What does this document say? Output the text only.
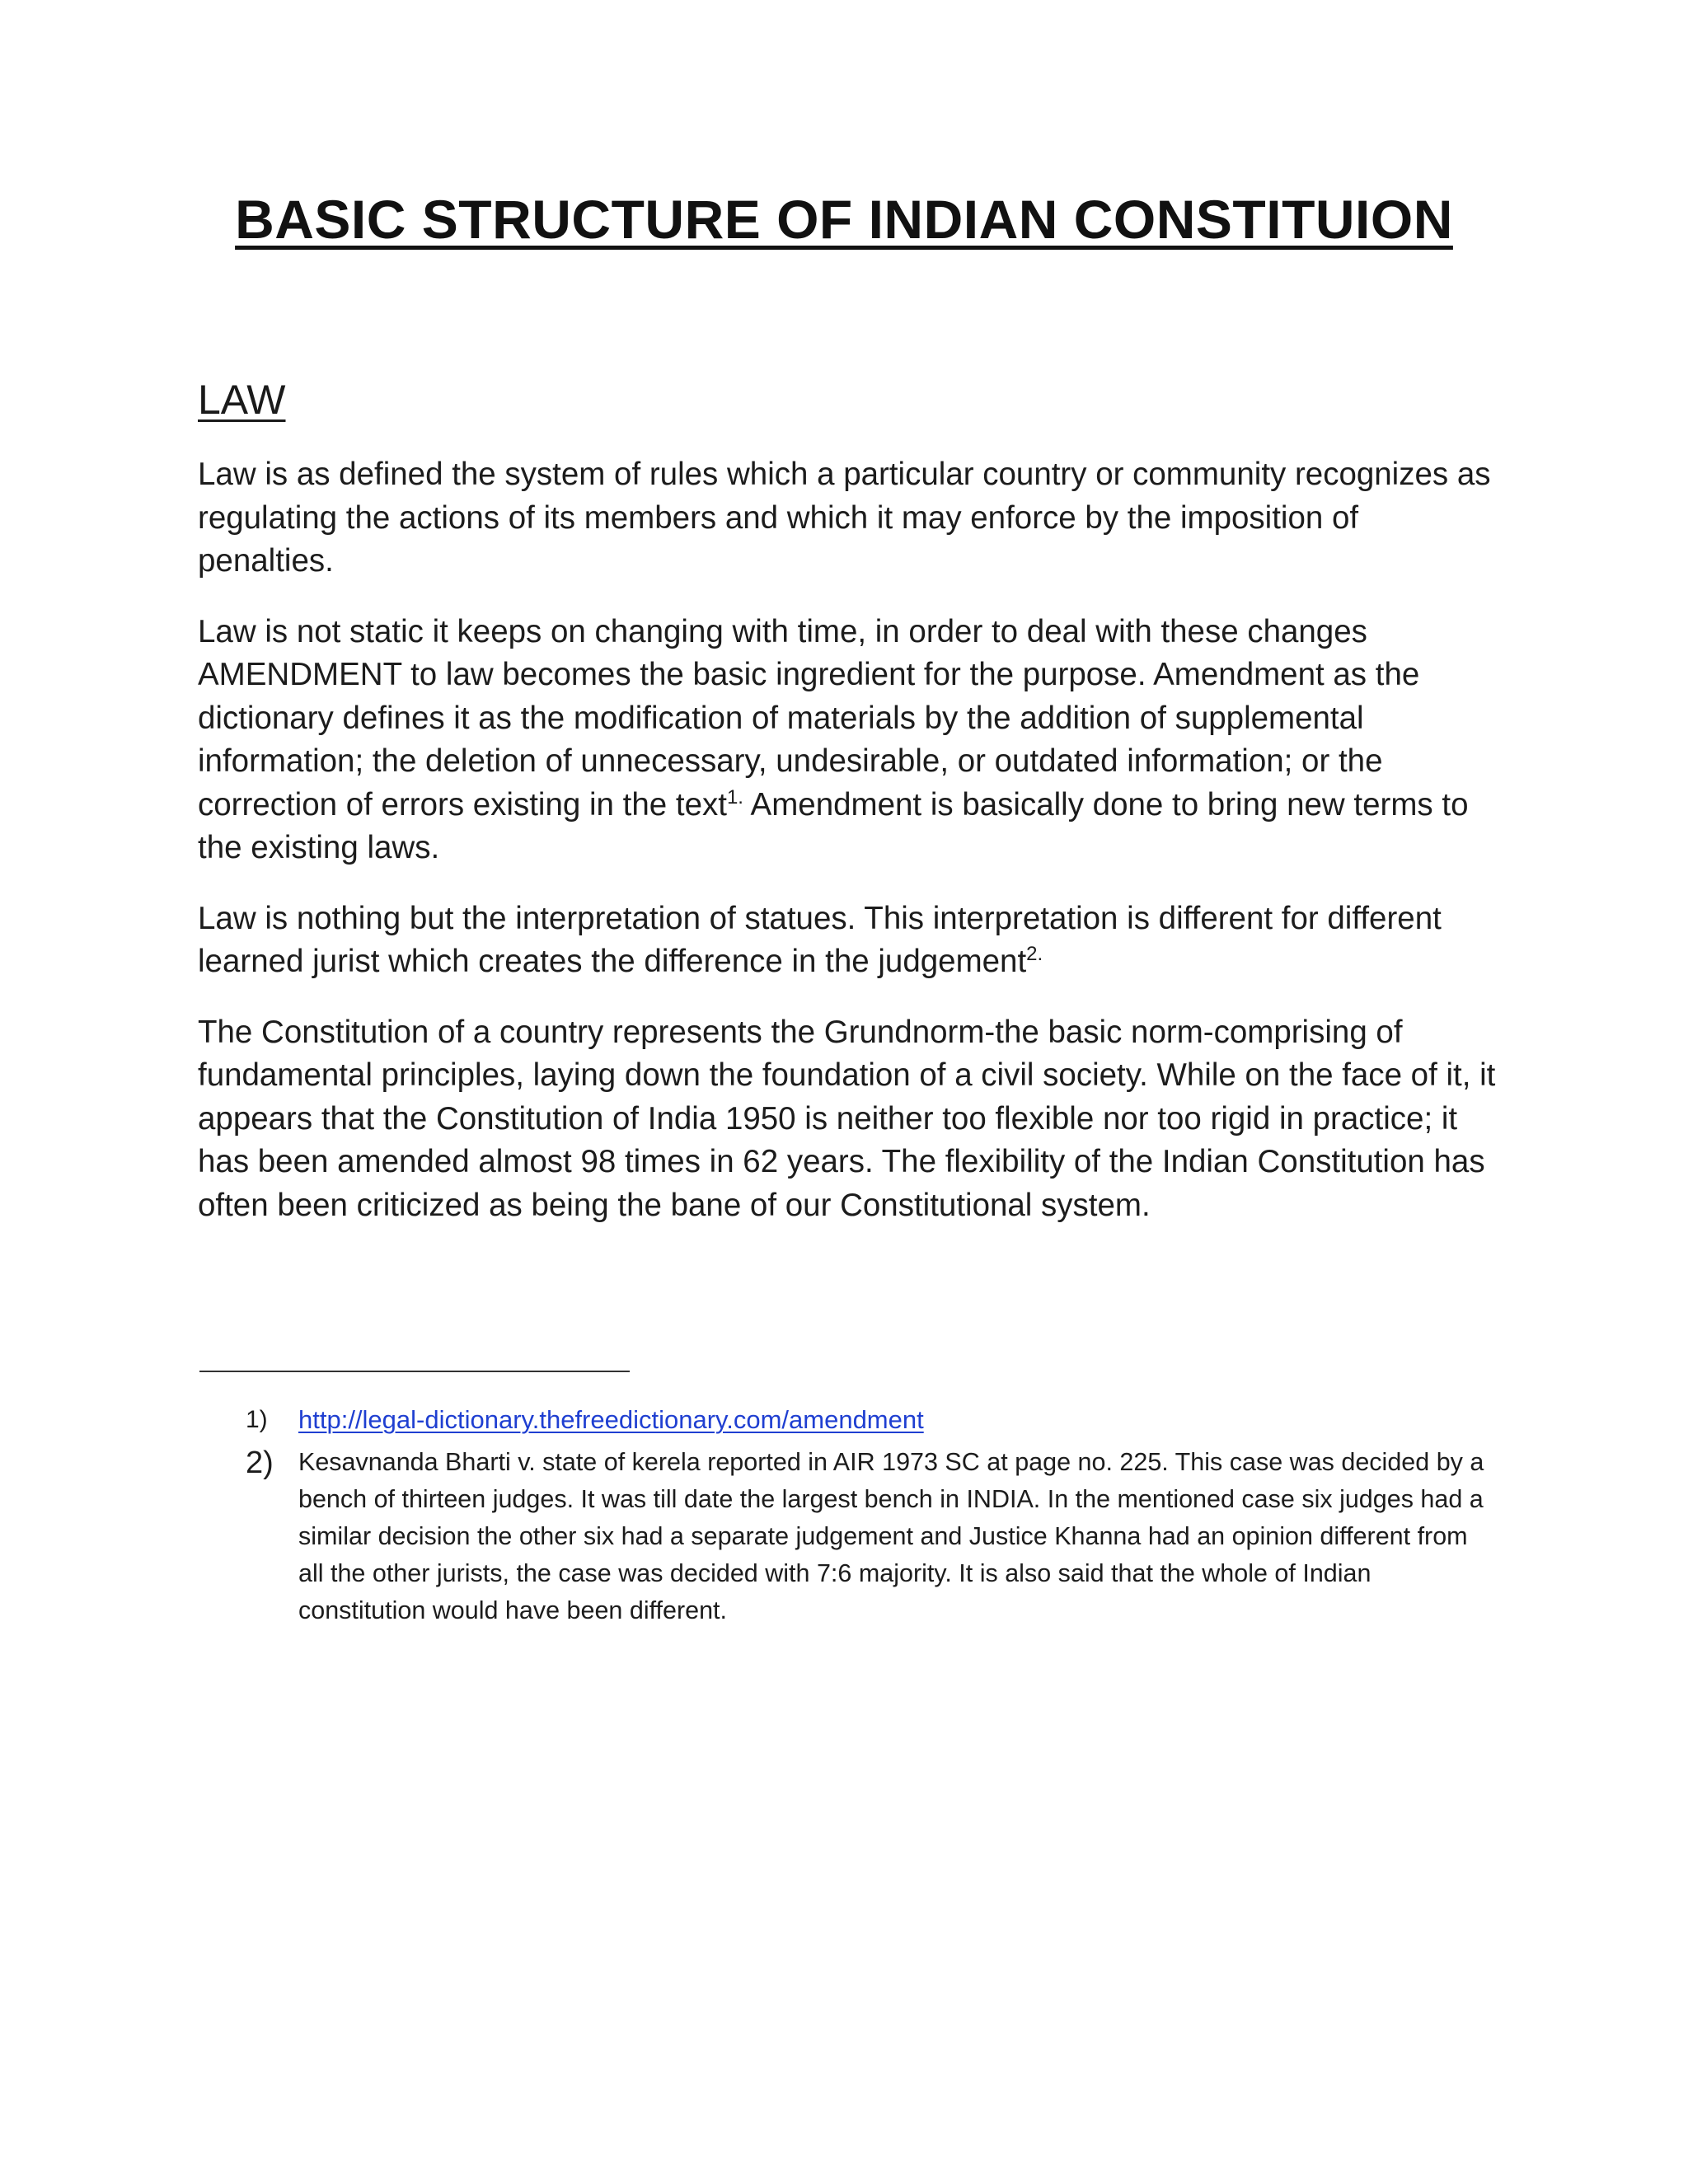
BASIC STRUCTURE OF INDIAN CONSTITUION
LAW

Law is as defined the system of rules which a particular country or community recognizes as regulating the actions of its members and which it may enforce by the imposition of penalties.

Law is not static it keeps on changing with time, in order to deal with these changes AMENDMENT to law becomes the basic ingredient for the purpose. Amendment as the dictionary defines it as the modification of materials by the addition of supplemental information; the deletion of unnecessary, undesirable, or outdated information; or the correction of errors existing in the text$^{1.}$ Amendment is basically done to bring new terms to the existing laws.

Law is nothing but the interpretation of statues. This interpretation is different for different learned jurist which creates the difference in the judgement$^{2.}$

The Constitution of a country represents the Grundnorm-the basic norm-comprising of fundamental principles, laying down the foundation of a civil society. While on the face of it, it appears that the Constitution of India 1950 is neither too flexible nor too rigid in practice; it has been amended almost 98 times in 62 years. The flexibility of the Indian Constitution has often been criticized as being the bane of our Constitutional system.

1) http://legal-dictionary.thefreedictionary.com/amendment
2) Kesavnanda Bharti v. state of kerela reported in AIR 1973 SC at page no. 225. This case was decided by a bench of thirteen judges. It was till date the largest bench in INDIA. In the mentioned case six judges had a similar decision the other six had a separate judgement and Justice Khanna had an opinion different from all the other jurists, the case was decided with 7:6 majority. It is also said that the whole of Indian constitution would have been different.
